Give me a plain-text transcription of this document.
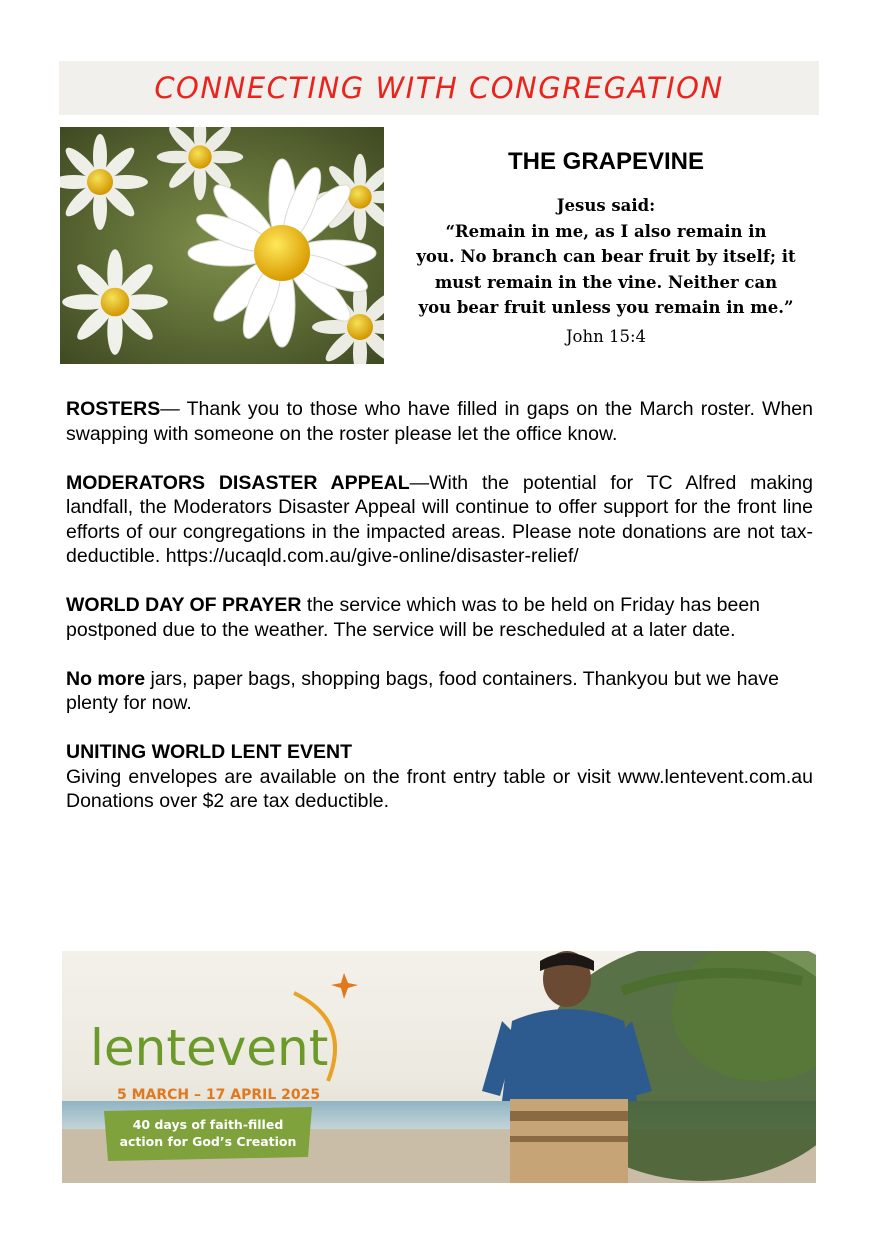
CONNECTING WITH CONGREGATION
THE GRAPEVINE
Jesus said:
“Remain in me, as I also remain in
you. No branch can bear fruit by itself; it
must remain in the vine. Neither can
you bear fruit unless you remain in me.”
John 15:4

ROSTERS— Thank you to those who have filled in gaps on the March roster. When swapping with someone on the roster please let the office know.

MODERATORS DISASTER APPEAL—With the potential for TC Alfred making landfall, the Moderators Disaster Appeal will continue to offer support for the front line efforts of our congregations in the impacted areas. Please note donations are not tax-deductible. https://ucaqld.com.au/give-online/disaster-relief/

WORLD DAY OF PRAYER the service which was to be held on Friday has been postponed due to the weather. The service will be rescheduled at a later date.

No more jars, paper bags, shopping bags, food containers. Thankyou but we have plenty for now.

UNITING WORLD LENT EVENT
Giving envelopes are available on the front entry table or visit www.lentevent.com.au Donations over $2 are tax deductible.

lentevent
5 MARCH – 17 APRIL 2025
40 days of faith-filled
action for God’s Creation
